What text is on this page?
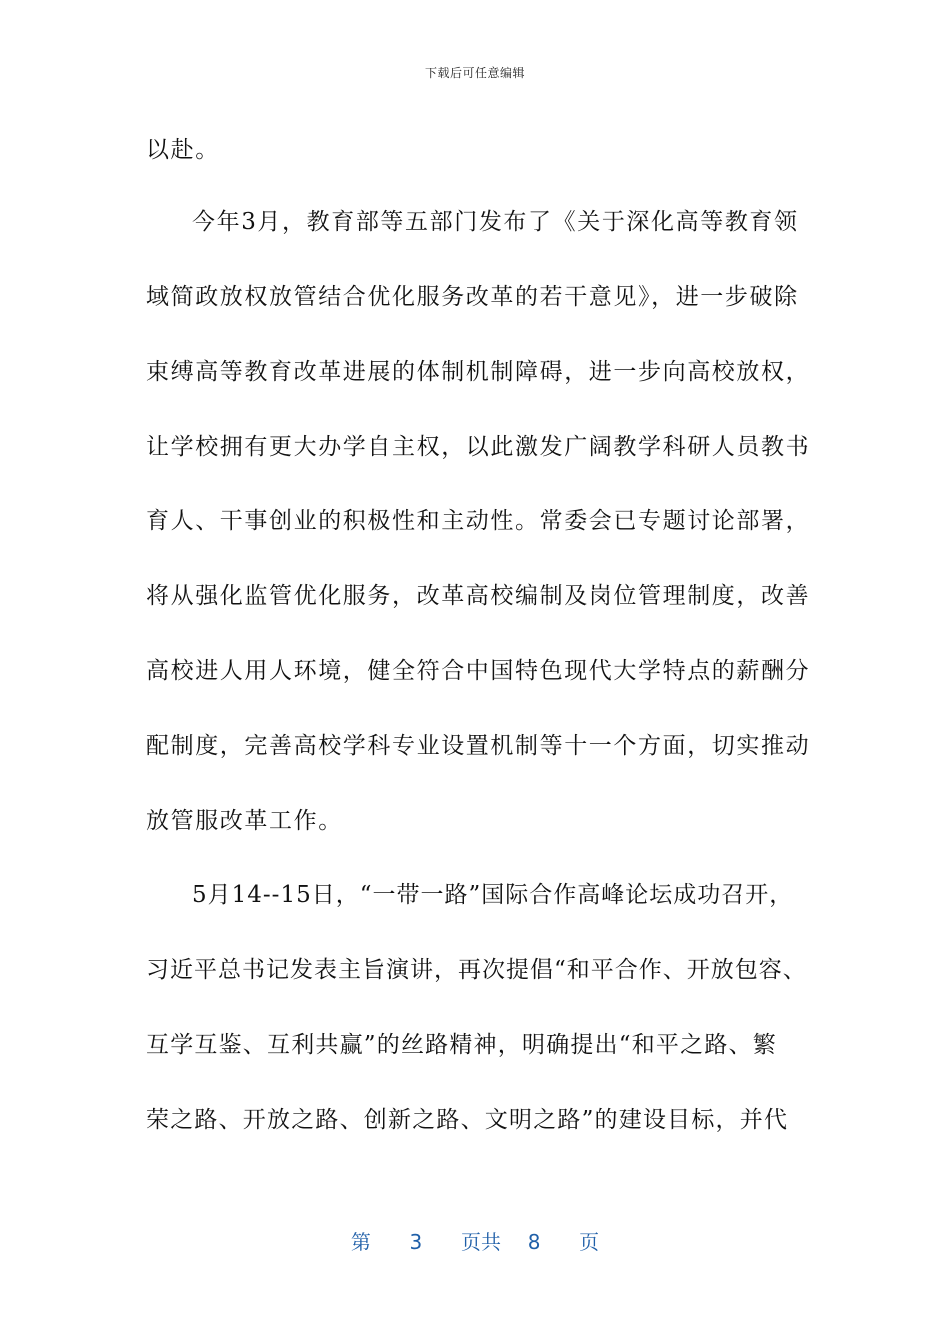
下载后可任意编辑
以赴。
今年3月，教育部等五部门发布了《关于深化高等教育领
域简政放权放管结合优化服务改革的若干意见》，进一步破除
束缚高等教育改革进展的体制机制障碍，进一步向高校放权，
让学校拥有更大办学自主权，以此激发广阔教学科研人员教书
育人、干事创业的积极性和主动性。常委会已专题讨论部署，
将从强化监管优化服务，改革高校编制及岗位管理制度，改善
高校进人用人环境，健全符合中国特色现代大学特点的薪酬分
配制度，完善高校学科专业设置机制等十一个方面，切实推动
放管服改革工作。
5月14--15日，“一带一路”国际合作高峰论坛成功召开，
习近平总书记发表主旨演讲，再次提倡“和平合作、开放包容、
互学互鉴、互利共赢”的丝路精神，明确提出“和平之路、繁
荣之路、开放之路、创新之路、文明之路”的建设目标，并代
第 3 页共 8 页
